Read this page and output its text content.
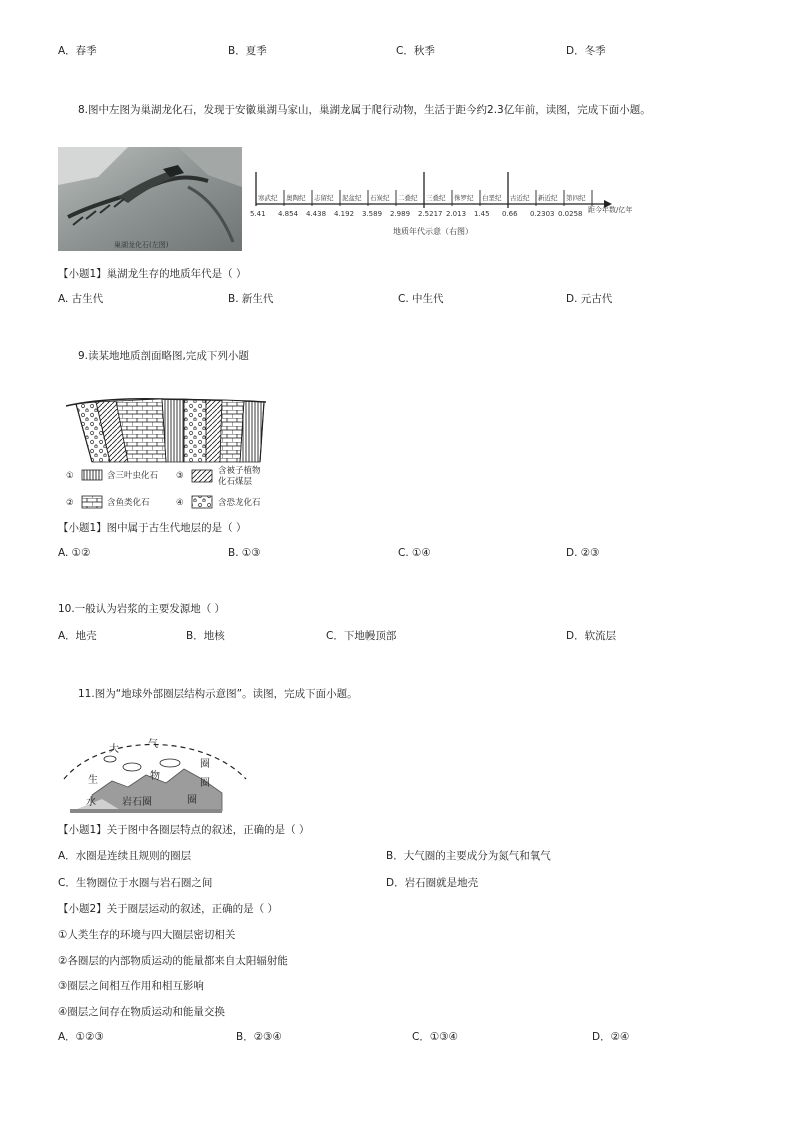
A．春季	B．夏季	C．秋季	D．冬季
8.图中左图为巢湖龙化石，发现于安徽巢湖马家山，巢湖龙属于爬行动物，生活于距今约2.3亿年前，读图，完成下面小题。
巢湖龙化石(左图)
寒武纪 奥陶纪 志留纪 泥盆纪 石炭纪 二叠纪 三叠纪 侏罗纪 白垩纪 古近纪 新近纪 第四纪
5.41 4.854 4.438 4.192 3.589 2.989 2.5217 2.013 1.45 0.66 0.2303 0.0258
地质年代示意（右图）
距今年数/亿年
【小题1】巢湖龙生存的地质年代是（ ）
A. 古生代	B. 新生代	C. 中生代	D. 元古代
9.读某地地质剖面略图,完成下列小题
①	含三叶虫化石 ③	含被子植物
化石煤层
②	含鱼类化石	④	含恐龙化石
【小题1】图中属于古生代地层的是（ ）
A. ①②	B. ①③	C. ①④	D. ②③
10.一般认为岩浆的主要发源地（ ）
A．地壳	B．地核	C．下地幔顶部	D．软流层
11.图为“地球外部圈层结构示意图”。读图，完成下面小题。
大	气
圈
生	物
圈
水	岩石圈	圈
【小题1】关于图中各圈层特点的叙述，正确的是（ ）
A．水圈是连续且规则的圈层	B．大气圈的主要成分为氮气和氧气
C．生物圈位于水圈与岩石圈之间	D．岩石圈就是地壳
【小题2】关于圈层运动的叙述，正确的是（ ）
①人类生存的环境与四大圈层密切相关
②各圈层的内部物质运动的能量都来自太阳辐射能
③圈层之间相互作用和相互影响
④圈层之间存在物质运动和能量交换
A．①②③	B．②③④	C．①③④	D．②④
